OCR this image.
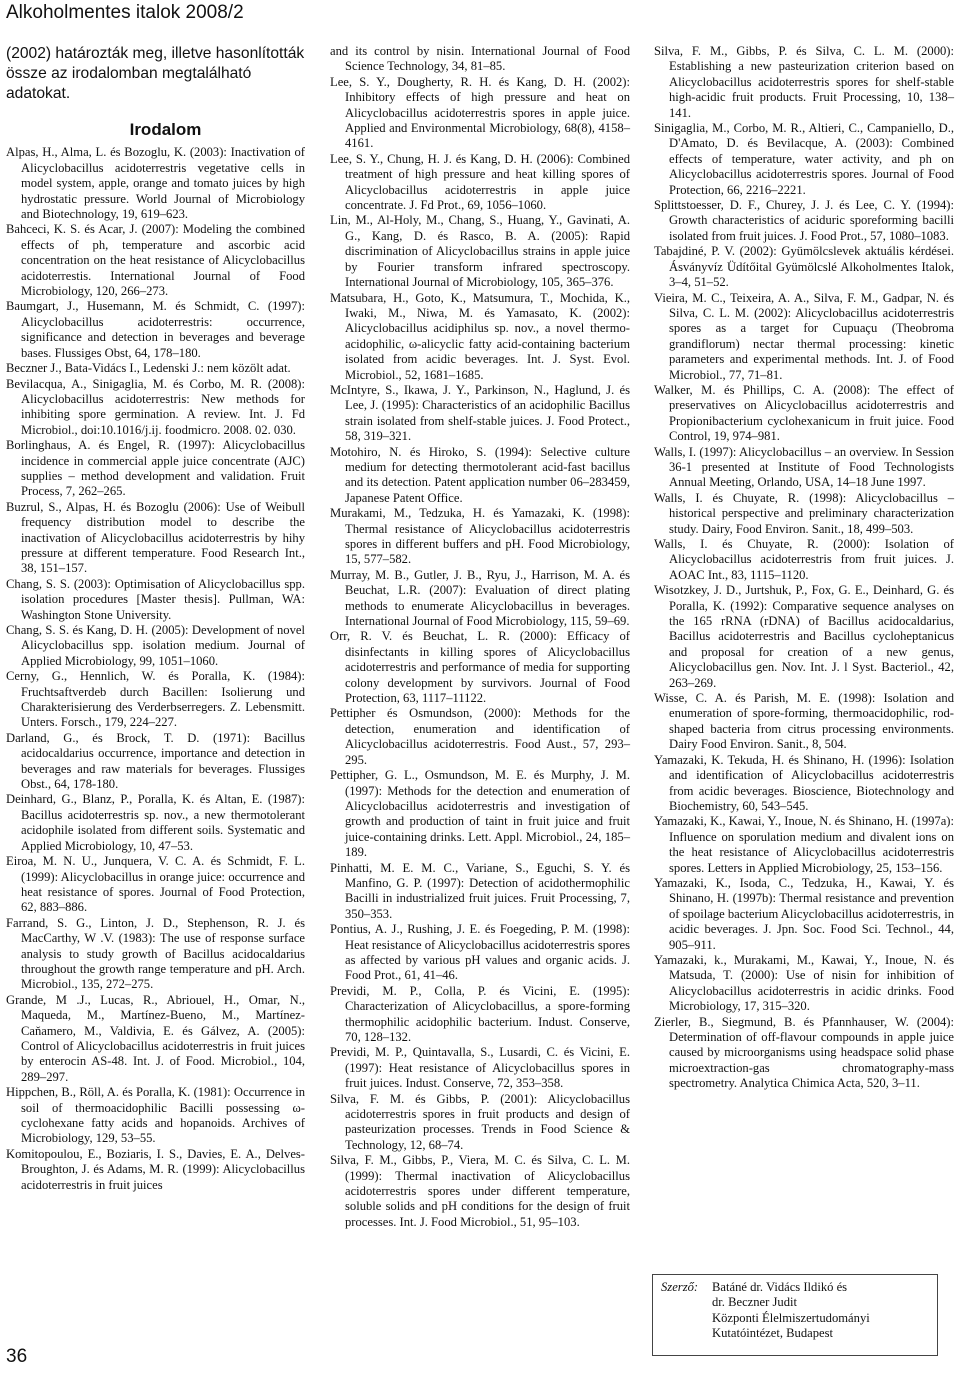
Alkoholmentes italok 2008/2

(2002) határozták meg, illetve hasonlították össze az irodalomban megtalálható adatokat.

Irodalom

Alpas, H., Alma, L. és Bozoglu, K. (2003): Inactivation of Alicyclobacillus acidoterrestris vegetative cells in model system, apple, orange and tomato juices by high hydrostatic pressure. World Journal of Microbiology and Biotechnology, 19, 619–623.

Bahceci, K. S. és Acar, J. (2007): Modeling the combined effects of ph, temperature and ascorbic acid concentration on the heat resistance of Alicyclobacillus acidoterrestis. International Journal of Food Microbiology, 120, 266–273.

Baumgart, J., Husemann, M. és Schmidt, C. (1997): Alicyclobacillus acidoterrestris: occurrence, significance and detection in beverages and beverage bases. Flussiges Obst, 64, 178–180.

Beczner J., Bata-Vidács I., Ledenski J.: nem közölt adat.

Bevilacqua, A., Sinigaglia, M. és Corbo, M. R. (2008): Alicyclobacillus acidoterrestris: New methods for inhibiting spore germination. A review. Int. J. Fd Microbiol., doi:10.1016/j.ij. foodmicro. 2008. 02. 030.

Borlinghaus, A. és Engel, R. (1997): Alicyclobacillus incidence in commercial apple juice concentrate (AJC) supplies – method development and validation. Fruit Process, 7, 262–265.

Buzrul, S., Alpas, H. és Bozoglu (2006): Use of Weibull frequency distribution model to describe the inactivation of Alicyclobacillus acidoterrestris by hihy pressure at different temperature. Food Research Int., 38, 151–157.

Chang, S. S. (2003): Optimisation of Alicyclobacillus spp. isolation procedures [Master thesis]. Pullman, WA: Washington Stone University.

Chang, S. S. és Kang, D. H. (2005): Development of novel Alicyclobacillus spp. isolation medium. Journal of Applied Microbiology, 99, 1051–1060.

Cerny, G., Hennlich, W. és Poralla, K. (1984): Fruchtsaftverdeb durch Bacillen: Isolierung und Charakterisierung des Verderbserregers. Z. Lebensmitt. Unters. Forsch., 179, 224–227.

Darland, G., és Brock, T. D. (1971): Bacillus acidocaldarius occurrence, importance and detection in beverages and raw materials for beverages. Flussiges Obst., 64, 178-180.

Deinhard, G., Blanz, P., Poralla, K. és Altan, E. (1987): Bacillus acidoterrestris sp. nov., a new thermotolerant acidophile isolated from different soils. Systematic and Applied Microbiology, 10, 47–53.

Eiroa, M. N. U., Junquera, V. C. A. és Schmidt, F. L. (1999): Alicyclobacillus in orange juice: occurrence and heat resistance of spores. Journal of Food Protection, 62, 883–886.

Farrand, S. G., Linton, J. D., Stephenson, R. J. és MacCarthy, W .V. (1983): The use of response surface analysis to study growth of Bacillus acidocaldarius throughout the growth range temperature and pH. Arch. Microbiol., 135, 272–275.

Grande, M .J., Lucas, R., Abriouel, H., Omar, N., Maqueda, M., Martínez-Bueno, M., Martínez-Caňamero, M., Valdivia, E. és Gálvez, A. (2005): Control of Alicyclobacillus acidoterrestris in fruit juices by enterocin AS-48. Int. J. of Food. Microbiol., 104, 289–297.

Hippchen, B., Röll, A. és Poralla, K. (1981): Occurrence in soil of thermoacidophilic Bacilli possessing ω-cyclohexane fatty acids and hopanoids. Archives of Microbiology, 129, 53–55.

Komitopoulou, E., Boziaris, I. S., Davies, E. A., Delves-Broughton, J. és Adams, M. R. (1999): Alicyclobacillus acidoterrestris in fruit juices

and its control by nisin. International Journal of Food Science Technology, 34, 81–85.

Lee, S. Y., Dougherty, R. H. és Kang, D. H. (2002): Inhibitory effects of high pressure and heat on Alicyclobacillus acidoterrestris spores in apple juice. Applied and Environmental Microbiology, 68(8), 4158–4161.

Lee, S. Y., Chung, H. J. és Kang, D. H. (2006): Combined treatment of high pressure and heat killing spores of Alicyclobacillus acidoterrestris in apple juice concentrate. J. Fd Prot., 69, 1056–1060.

Lin, M., Al-Holy, M., Chang, S., Huang, Y., Gavinati, A. G., Kang, D. és Rasco, B. A. (2005): Rapid discrimination of Alicyclobacillus strains in apple juice by Fourier transform infrared spectroscopy. International Journal of Microbiology, 105, 365–376.

Matsubara, H., Goto, K., Matsumura, T., Mochida, K., Iwaki, M., Niwa, M. és Yamasato, K. (2002): Alicyclobacillus acidiphilus sp. nov., a novel thermo-acidophilic, ω-alicyclic fatty acid-containing bacterium isolated from acidic beverages. Int. J. Syst. Evol. Microbiol., 52, 1681–1685.

McIntyre, S., Ikawa, J. Y., Parkinson, N., Haglund, J. és Lee, J. (1995): Characteristics of an acidophilic Bacillus strain isolated from shelf-stable juices. J. Food Protect., 58, 319–321.

Motohiro, N. és Hiroko, S. (1994): Selective culture medium for detecting thermotolerant acid-fast bacillus and its detection. Patent application number 06–283459, Japanese Patent Office.

Murakami, M., Tedzuka, H. és Yamazaki, K. (1998): Thermal resistance of Alicyclobacillus acidoterrestris spores in different buffers and pH. Food Microbiology, 15, 577–582.

Murray, M. B., Gutler, J. B., Ryu, J., Harrison, M. A. és Beuchat, L.R. (2007): Evaluation of direct plating methods to enumerate Alicyclobacillus in beverages. International Journal of Food Microbiology, 115, 59–69.

Orr, R. V. és Beuchat, L. R. (2000): Efficacy of disinfectants in killing spores of Alicyclobacillus acidoterrestris and performance of media for supporting colony development by survivors. Journal of Food Protection, 63, 1117–11122.

Pettipher és Osmundson, (2000): Methods for the detection, enumeration and identification of Alicyclobacillus acidoterrestris. Food Aust., 57, 293–295.

Pettipher, G. L., Osmundson, M. E. és Murphy, J. M. (1997): Methods for the detection and enumeration of Alicyclobacillus acidoterrestris and investigation of growth and production of taint in fruit juice and fruit juice-containing drinks. Lett. Appl. Microbiol., 24, 185–189.

Pinhatti, M. E. M. C., Variane, S., Eguchi, S. Y. és Manfino, G. P. (1997): Detection of acidothermophilic Bacilli in industrialized fruit juices. Fruit Processing, 7, 350–353.

Pontius, A. J., Rushing, J. E. és Foegeding, P. M. (1998): Heat resistance of Alicyclobacillus acidoterrestris spores as affected by various pH values and organic acids. J. Food Prot., 61, 41–46.

Previdi, M. P., Colla, P. és Vicini, E. (1995): Characterization of Alicyclobacillus, a spore-forming thermophilic acidophilic bacterium. Indust. Conserve, 70, 128–132.

Previdi, M. P., Quintavalla, S., Lusardi, C. és Vicini, E. (1997): Heat resistance of Alicyclobacillus spores in fruit juices. Indust. Conserve, 72, 353–358.

Silva, F. M. és Gibbs, P. (2001): Alicyclobacillus acidoterrestris spores in fruit products and design of pasteurization processes. Trends in Food Science & Technology, 12, 68–74.

Silva, F. M., Gibbs, P., Viera, M. C. és Silva, C. L. M. (1999): Thermal inactivation of Alicyclobacillus acidoterrestris spores under different temperature, soluble solids and pH conditions for the design of fruit processes. Int. J. Food Microbiol., 51, 95–103.

Silva, F. M., Gibbs, P. és Silva, C. L. M. (2000): Establishing a new pasteurization criterion based on Alicyclobacillus acidoterrestris spores for shelf-stable high-acidic fruit products. Fruit Processing, 10, 138–141.

Sinigaglia, M., Corbo, M. R., Altieri, C., Campaniello, D., D'Amato, D. és Bevilacque, A. (2003): Combined effects of temperature, water activity, and ph on Alicyclobacillus acidoterrestris spores. Journal of Food Protection, 66, 2216–2221.

Splittstoesser, D. F., Churey, J. J. és Lee, C. Y. (1994): Growth characteristics of aciduric sporeforming bacilli isolated from fruit juices. J. Food Prot., 57, 1080–1083.

Tabajdiné, P. V. (2002): Gyümölcslevek aktuális kérdései. Ásványvíz Üdítőital Gyümölcslé Alkoholmentes Italok, 3–4, 51–52.

Vieira, M. C., Teixeira, A. A., Silva, F. M., Gadpar, N. és Silva, C. L. M. (2002): Alicyclobacillus acidoterrestris spores as a target for Cupuaçu (Theobroma grandiflorum) nectar thermal processing: kinetic parameters and experimental methods. Int. J. of Food Microbiol., 77, 71–81.

Walker, M. és Phillips, C. A. (2008): The effect of preservatives on Alicyclobacillus acidoterrestris and Propionibacterium cyclohexanicum in fruit juice. Food Control, 19, 974–981.

Walls, I. (1997): Alicyclobacillus – an overview. In Session 36-1 presented at Institute of Food Technologists Annual Meeting, Orlando, USA, 14–18 June 1997.

Walls, I. és Chuyate, R. (1998): Alicyclobacillus – historical perspective and preliminary characterization study. Dairy, Food Environ. Sanit., 18, 499–503.

Walls, I. és Chuyate, R. (2000): Isolation of Alicyclobacillus acidoterrestris from fruit juices. J. AOAC Int., 83, 1115–1120.

Wisotzkey, J. D., Jurtshuk, P., Fox, G. E., Deinhard, G. és Poralla, K. (1992): Comparative sequence analyses on the 165 rRNA (rDNA) of Bacillus acidocaldarius, Bacillus acidoterrestris and Bacillus cycloheptanicus and proposal for creation of a new genus, Alicyclobacillus gen. Nov. Int. J. l Syst. Bacteriol., 42, 263–269.

Wisse, C. A. és Parish, M. E. (1998): Isolation and enumeration of spore-forming, thermoacidophilic, rod-shaped bacteria from citrus processing environments. Dairy Food Environ. Sanit., 8, 504.

Yamazaki, K. Tekuda, H. és Shinano, H. (1996): Isolation and identification of Alicyclobacillus acidoterrestris from acidic beverages. Bioscience, Biotechnology and Biochemistry, 60, 543–545.

Yamazaki, K., Kawai, Y., Inoue, N. és Shinano, H. (1997a): Influence on sporulation medium and divalent ions on the heat resistance of Alicyclobacillus acidoterrestris spores. Letters in Applied Microbiology, 25, 153–156.

Yamazaki, K., Isoda, C., Tedzuka, H., Kawai, Y. és Shinano, H. (1997b): Thermal resistance and prevention of spoilage bacterium Alicyclobacillus acidoterrestris, in acidic beverages. J. Jpn. Soc. Food Sci. Technol., 44, 905–911.

Yamazaki, k., Murakami, M., Kawai, Y., Inoue, N. és Matsuda, T. (2000): Use of nisin for inhibition of Alicyclobacillus acidoterrestris in acidic drinks. Food Microbiology, 17, 315–320.

Zierler, B., Siegmund, B. és Pfannhauser, W. (2004): Determination of off-flavour compounds in apple juice caused by microorganisms using headspace solid phase microextraction-gas chromatography-mass spectrometry. Analytica Chimica Acta, 520, 3–11.

Szerző: Batáné dr. Vidács Ildikó és
dr. Beczner Judit
Központi Élelmiszertudományi
Kutatóintézet, Budapest
36
